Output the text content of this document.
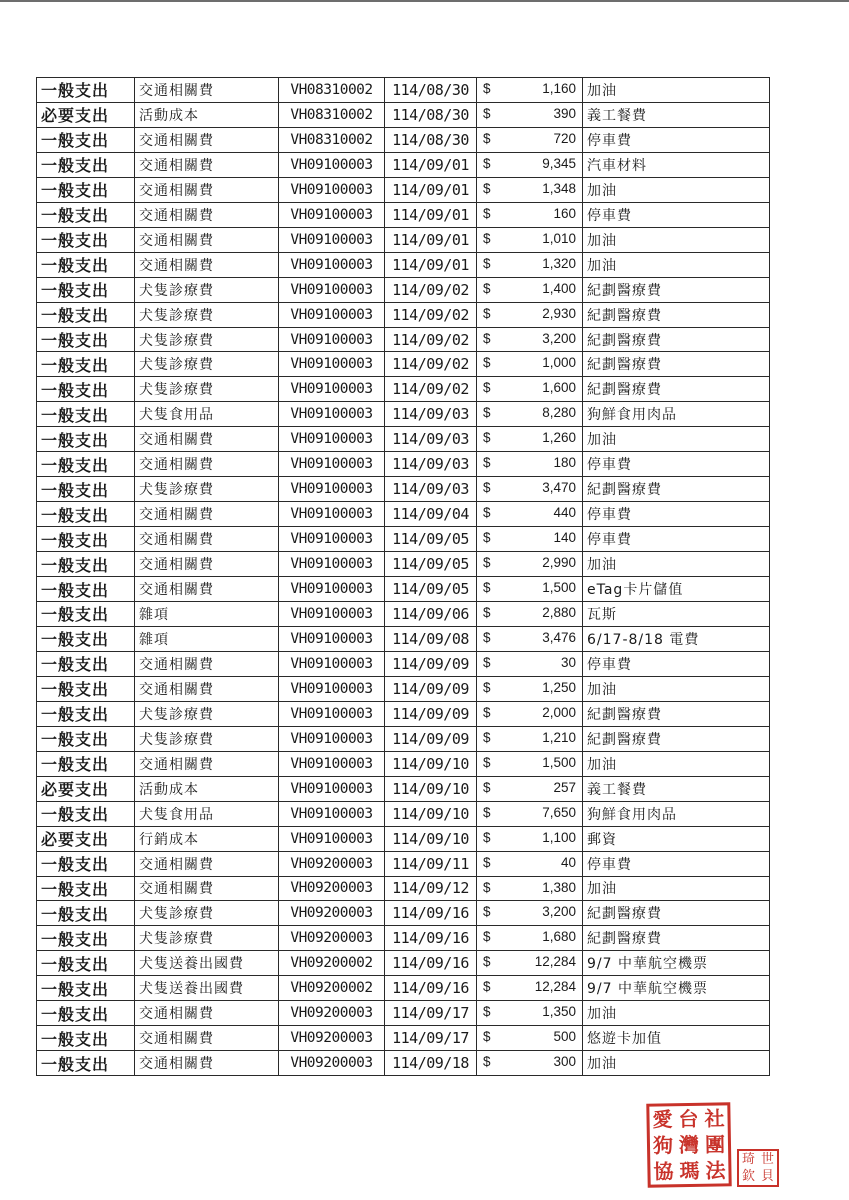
一般支出	交通相關費	VH08310002	114/08/30	$ 1,160	加油
必要支出	活動成本	VH08310002	114/08/30	$ 390	義工餐費
一般支出	交通相關費	VH08310002	114/08/30	$ 720	停車費
一般支出	交通相關費	VH09100003	114/09/01	$ 9,345	汽車材料
一般支出	交通相關費	VH09100003	114/09/01	$ 1,348	加油
一般支出	交通相關費	VH09100003	114/09/01	$ 160	停車費
一般支出	交通相關費	VH09100003	114/09/01	$ 1,010	加油
一般支出	交通相關費	VH09100003	114/09/01	$ 1,320	加油
一般支出	犬隻診療費	VH09100003	114/09/02	$ 1,400	紀劃醫療費
一般支出	犬隻診療費	VH09100003	114/09/02	$ 2,930	紀劃醫療費
一般支出	犬隻診療費	VH09100003	114/09/02	$ 3,200	紀劃醫療費
一般支出	犬隻診療費	VH09100003	114/09/02	$ 1,000	紀劃醫療費
一般支出	犬隻診療費	VH09100003	114/09/02	$ 1,600	紀劃醫療費
一般支出	犬隻食用品	VH09100003	114/09/03	$ 8,280	狗鮮食用肉品
一般支出	交通相關費	VH09100003	114/09/03	$ 1,260	加油
一般支出	交通相關費	VH09100003	114/09/03	$ 180	停車費
一般支出	犬隻診療費	VH09100003	114/09/03	$ 3,470	紀劃醫療費
一般支出	交通相關費	VH09100003	114/09/04	$ 440	停車費
一般支出	交通相關費	VH09100003	114/09/05	$ 140	停車費
一般支出	交通相關費	VH09100003	114/09/05	$ 2,990	加油
一般支出	交通相關費	VH09100003	114/09/05	$ 1,500	eTag卡片儲值
一般支出	雜項	VH09100003	114/09/06	$ 2,880	瓦斯
一般支出	雜項	VH09100003	114/09/08	$ 3,476	6/17-8/18 電費
一般支出	交通相關費	VH09100003	114/09/09	$ 30	停車費
一般支出	交通相關費	VH09100003	114/09/09	$ 1,250	加油
一般支出	犬隻診療費	VH09100003	114/09/09	$ 2,000	紀劃醫療費
一般支出	犬隻診療費	VH09100003	114/09/09	$ 1,210	紀劃醫療費
一般支出	交通相關費	VH09100003	114/09/10	$ 1,500	加油
必要支出	活動成本	VH09100003	114/09/10	$ 257	義工餐費
一般支出	犬隻食用品	VH09100003	114/09/10	$ 7,650	狗鮮食用肉品
必要支出	行銷成本	VH09100003	114/09/10	$ 1,100	郵資
一般支出	交通相關費	VH09200003	114/09/11	$ 40	停車費
一般支出	交通相關費	VH09200003	114/09/12	$ 1,380	加油
一般支出	犬隻診療費	VH09200003	114/09/16	$ 3,200	紀劃醫療費
一般支出	犬隻診療費	VH09200003	114/09/16	$ 1,680	紀劃醫療費
一般支出	犬隻送養出國費	VH09200002	114/09/16	$ 12,284	9/7 中華航空機票
一般支出	犬隻送養出國費	VH09200002	114/09/16	$ 12,284	9/7 中華航空機票
一般支出	交通相關費	VH09200003	114/09/17	$ 1,350	加油
一般支出	交通相關費	VH09200003	114/09/17	$ 500	悠遊卡加值
一般支出	交通相關費	VH09200003	114/09/18	$ 300	加油
愛 台 社
狗 灣 團
協 瑪 法 琦 世
欽 貝
